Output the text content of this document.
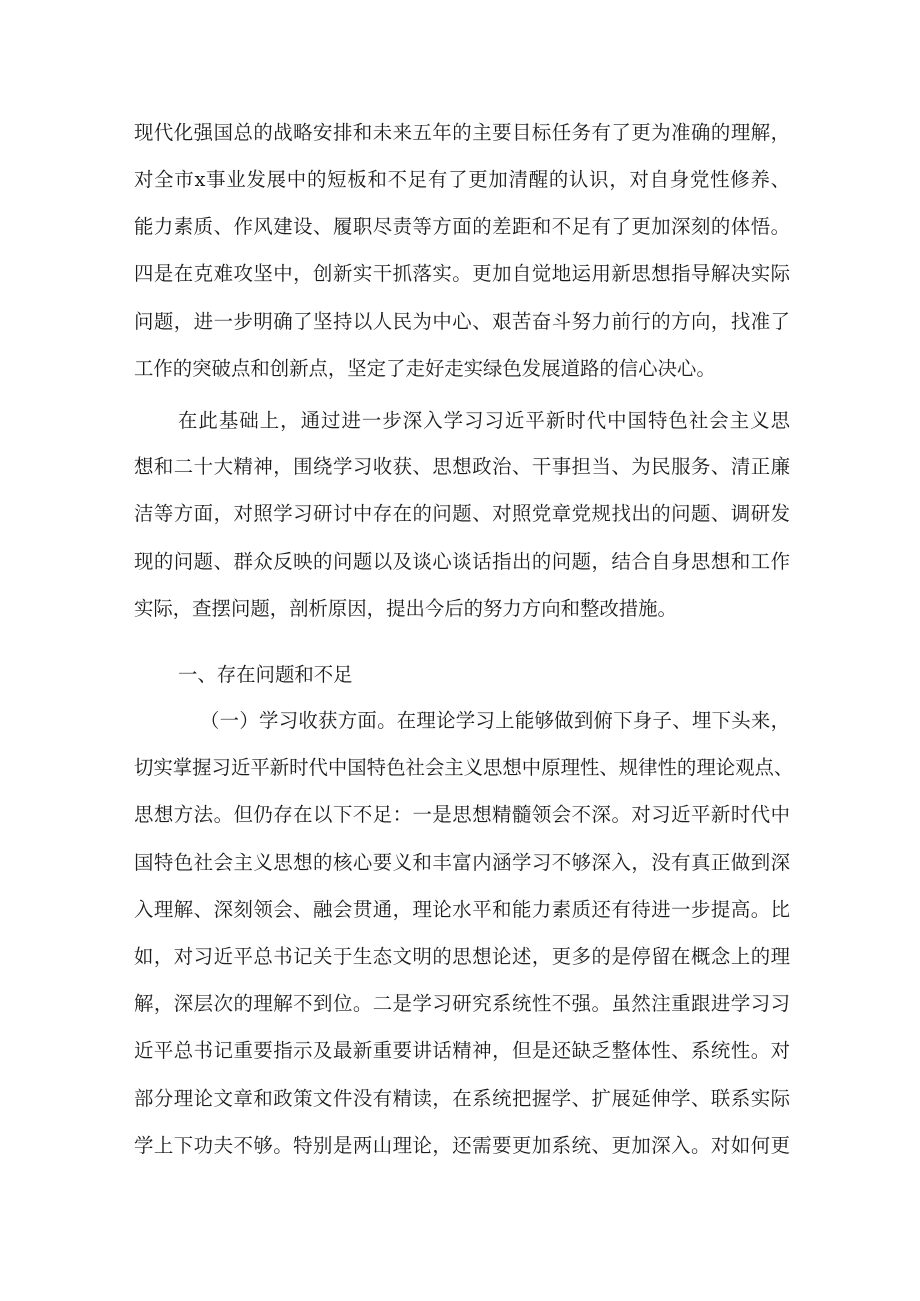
现代化强国总的战略安排和未来五年的主要目标任务有了更为准确的理解，

对全市x事业发展中的短板和不足有了更加清醒的认识，对自身党性修养、

能力素质、作风建设、履职尽责等方面的差距和不足有了更加深刻的体悟。

四是在克难攻坚中，创新实干抓落实。更加自觉地运用新思想指导解决实际

问题，进一步明确了坚持以人民为中心、艰苦奋斗努力前行的方向，找准了

工作的突破点和创新点，坚定了走好走实绿色发展道路的信心决心。

在此基础上，通过进一步深入学习习近平新时代中国特色社会主义思

想和二十大精神，围绕学习收获、思想政治、干事担当、为民服务、清正廉

洁等方面，对照学习研讨中存在的问题、对照党章党规找出的问题、调研发

现的问题、群众反映的问题以及谈心谈话指出的问题，结合自身思想和工作

实际，查摆问题，剖析原因，提出今后的努力方向和整改措施。

一、存在问题和不足

（一）学习收获方面。在理论学习上能够做到俯下身子、埋下头来，

切实掌握习近平新时代中国特色社会主义思想中原理性、规律性的理论观点、

思想方法。但仍存在以下不足：一是思想精髓领会不深。对习近平新时代中

国特色社会主义思想的核心要义和丰富内涵学习不够深入，没有真正做到深

入理解、深刻领会、融会贯通，理论水平和能力素质还有待进一步提高。比

如，对习近平总书记关于生态文明的思想论述，更多的是停留在概念上的理

解，深层次的理解不到位。二是学习研究系统性不强。虽然注重跟进学习习

近平总书记重要指示及最新重要讲话精神，但是还缺乏整体性、系统性。对

部分理论文章和政策文件没有精读，在系统把握学、扩展延伸学、联系实际

学上下功夫不够。特别是两山理论，还需要更加系统、更加深入。对如何更
